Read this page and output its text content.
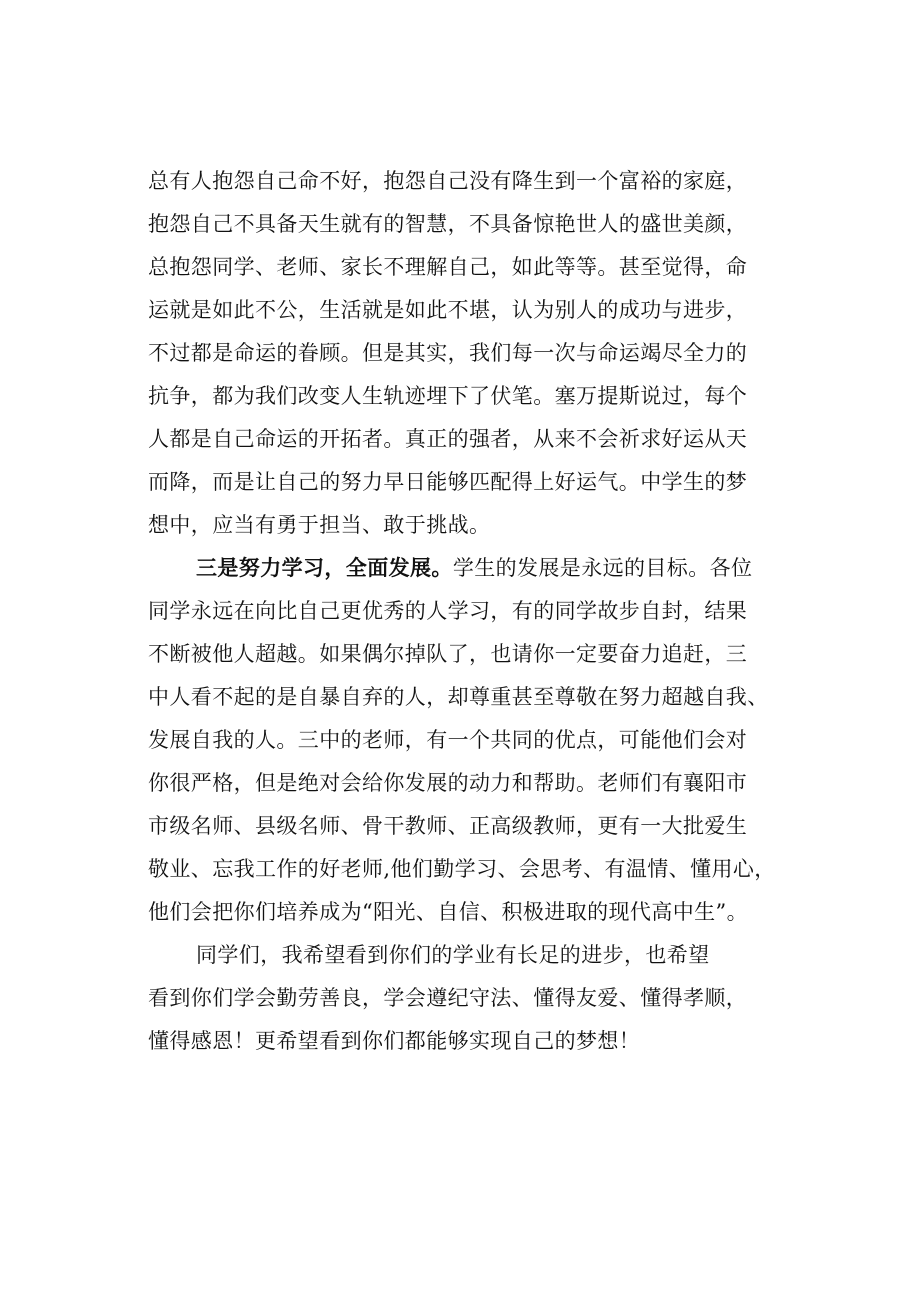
总有人抱怨自己命不好，抱怨自己没有降生到一个富裕的家庭，
抱怨自己不具备天生就有的智慧，不具备惊艳世人的盛世美颜，
总抱怨同学、老师、家长不理解自己，如此等等。甚至觉得，命
运就是如此不公，生活就是如此不堪，认为别人的成功与进步，
不过都是命运的眷顾。但是其实，我们每一次与命运竭尽全力的
抗争，都为我们改变人生轨迹埋下了伏笔。塞万提斯说过，每个
人都是自己命运的开拓者。真正的强者，从来不会祈求好运从天
而降，而是让自己的努力早日能够匹配得上好运气。中学生的梦
想中，应当有勇于担当、敢于挑战。
三是努力学习，全面发展。学生的发展是永远的目标。各位
同学永远在向比自己更优秀的人学习，有的同学故步自封，结果
不断被他人超越。如果偶尔掉队了，也请你一定要奋力追赶，三
中人看不起的是自暴自弃的人，却尊重甚至尊敬在努力超越自我、
发展自我的人。三中的老师，有一个共同的优点，可能他们会对
你很严格，但是绝对会给你发展的动力和帮助。老师们有襄阳市
市级名师、县级名师、骨干教师、正高级教师，更有一大批爱生
敬业、忘我工作的好老师,他们勤学习、会思考、有温情、懂用心，
他们会把你们培养成为“阳光、自信、积极进取的现代高中生”。
同学们，我希望看到你们的学业有长足的进步，也希望
看到你们学会勤劳善良，学会遵纪守法、懂得友爱、懂得孝顺，
懂得感恩！更希望看到你们都能够实现自己的梦想！
